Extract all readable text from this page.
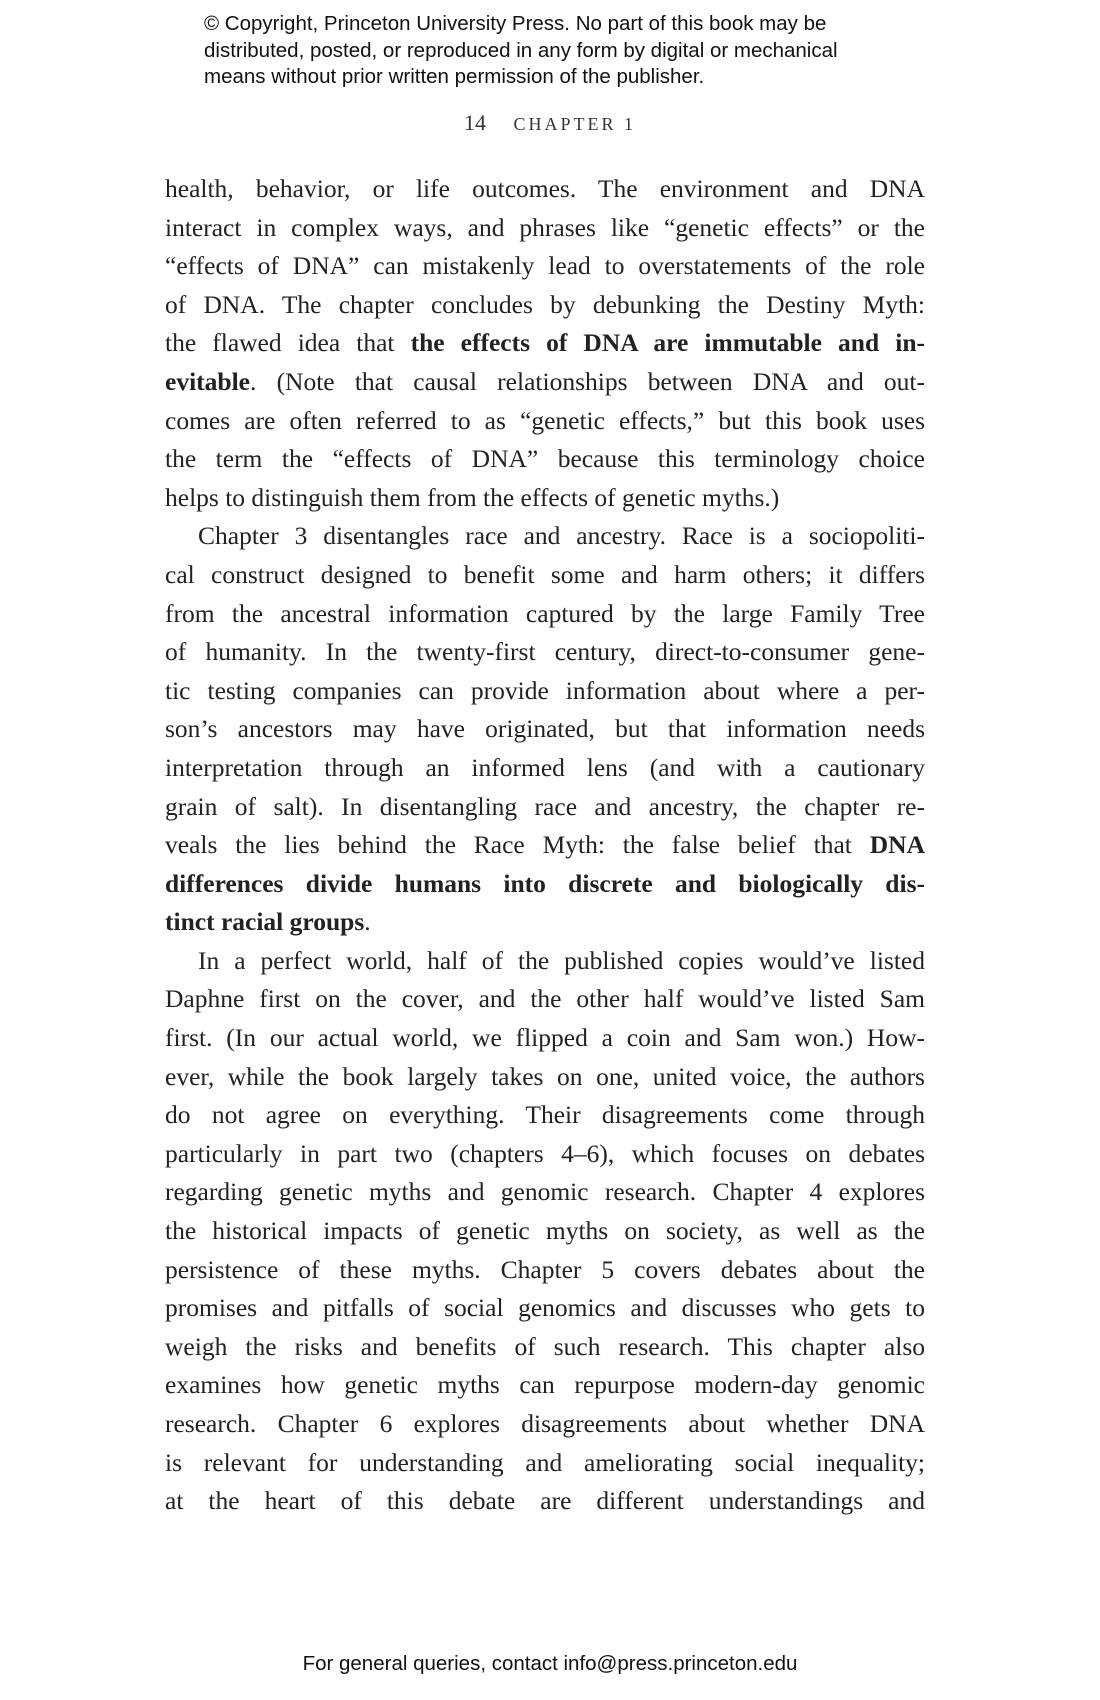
© Copyright, Princeton University Press. No part of this book may be
distributed, posted, or reproduced in any form by digital or mechanical
means without prior written permission of the publisher.
14 CHAPTER 1
health, behavior, or life outcomes. The environment and DNA
interact in complex ways, and phrases like “genetic effects” or the
“effects of DNA” can mistakenly lead to overstatements of the role
of DNA. The chapter concludes by debunking the Destiny Myth:
the flawed idea that the effects of DNA are immutable and in-
evitable. (Note that causal relationships between DNA and out-
comes are often referred to as “genetic effects,” but this book uses
the term the “effects of DNA” because this terminology choice
helps to distinguish them from the effects of genetic myths.)
Chapter 3 disentangles race and ancestry. Race is a sociopoliti-
cal construct designed to benefit some and harm others; it differs
from the ancestral information captured by the large Family Tree
of humanity. In the twenty-first century, direct-to-consumer gene-
tic testing companies can provide information about where a per-
son’s ancestors may have originated, but that information needs
interpretation through an informed lens (and with a cautionary
grain of salt). In disentangling race and ancestry, the chapter re-
veals the lies behind the Race Myth: the false belief that DNA
differences divide humans into discrete and biologically dis-
tinct racial groups.
In a perfect world, half of the published copies would’ve listed
Daphne first on the cover, and the other half would’ve listed Sam
first. (In our actual world, we flipped a coin and Sam won.) How-
ever, while the book largely takes on one, united voice, the authors
do not agree on everything. Their disagreements come through
particularly in part two (chapters 4–6), which focuses on debates
regarding genetic myths and genomic research. Chapter 4 explores
the historical impacts of genetic myths on society, as well as the
persistence of these myths. Chapter 5 covers debates about the
promises and pitfalls of social genomics and discusses who gets to
weigh the risks and benefits of such research. This chapter also
examines how genetic myths can repurpose modern-day genomic
research. Chapter 6 explores disagreements about whether DNA
is relevant for understanding and ameliorating social inequality;
at the heart of this debate are different understandings and
For general queries, contact info@press.princeton.edu
